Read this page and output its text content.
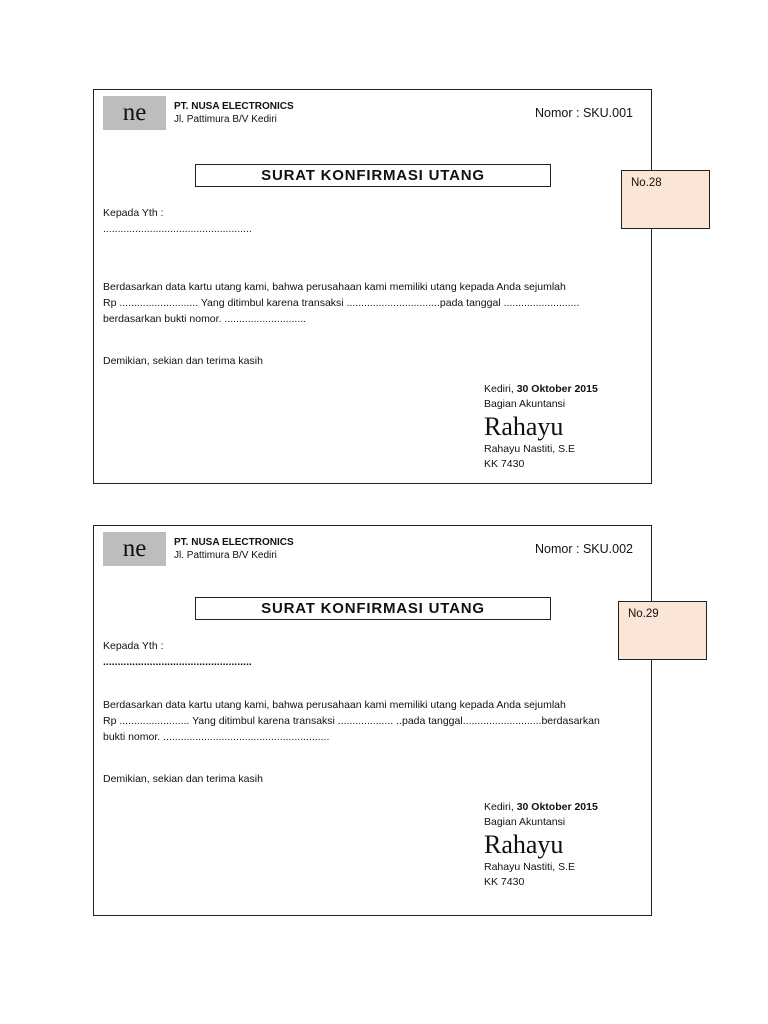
ne	PT. NUSA ELECTRONICS
Jl. Pattimura B/V Kediri	Nomor : SKU.001
SURAT KONFIRMASI UTANG
Kepada Yth :
...................................................
Berdasarkan data kartu utang kami, bahwa perusahaan kami memiliki utang kepada Anda sejumlah
Rp ........................... Yang ditimbul karena transaksi ................................pada tanggal ..........................
berdasarkan bukti nomor. ............................
Demikian, sekian dan terima kasih
Kediri, 30 Oktober 2015
Bagian Akuntansi
Rahayu
Rahayu Nastiti, S.E
KK 7430
No.28
ne	PT. NUSA ELECTRONICS
Jl. Pattimura B/V Kediri	Nomor : SKU.002
SURAT KONFIRMASI UTANG
Kepada Yth :
...................................................
Berdasarkan data kartu utang kami, bahwa perusahaan kami memiliki utang kepada Anda sejumlah
Rp ........................ Yang ditimbul karena transaksi ................... ..pada tanggal...........................berdasarkan
bukti nomor. .........................................................
Demikian, sekian dan terima kasih
Kediri, 30 Oktober 2015
Bagian Akuntansi
Rahayu
Rahayu Nastiti, S.E
KK 7430
No.29
